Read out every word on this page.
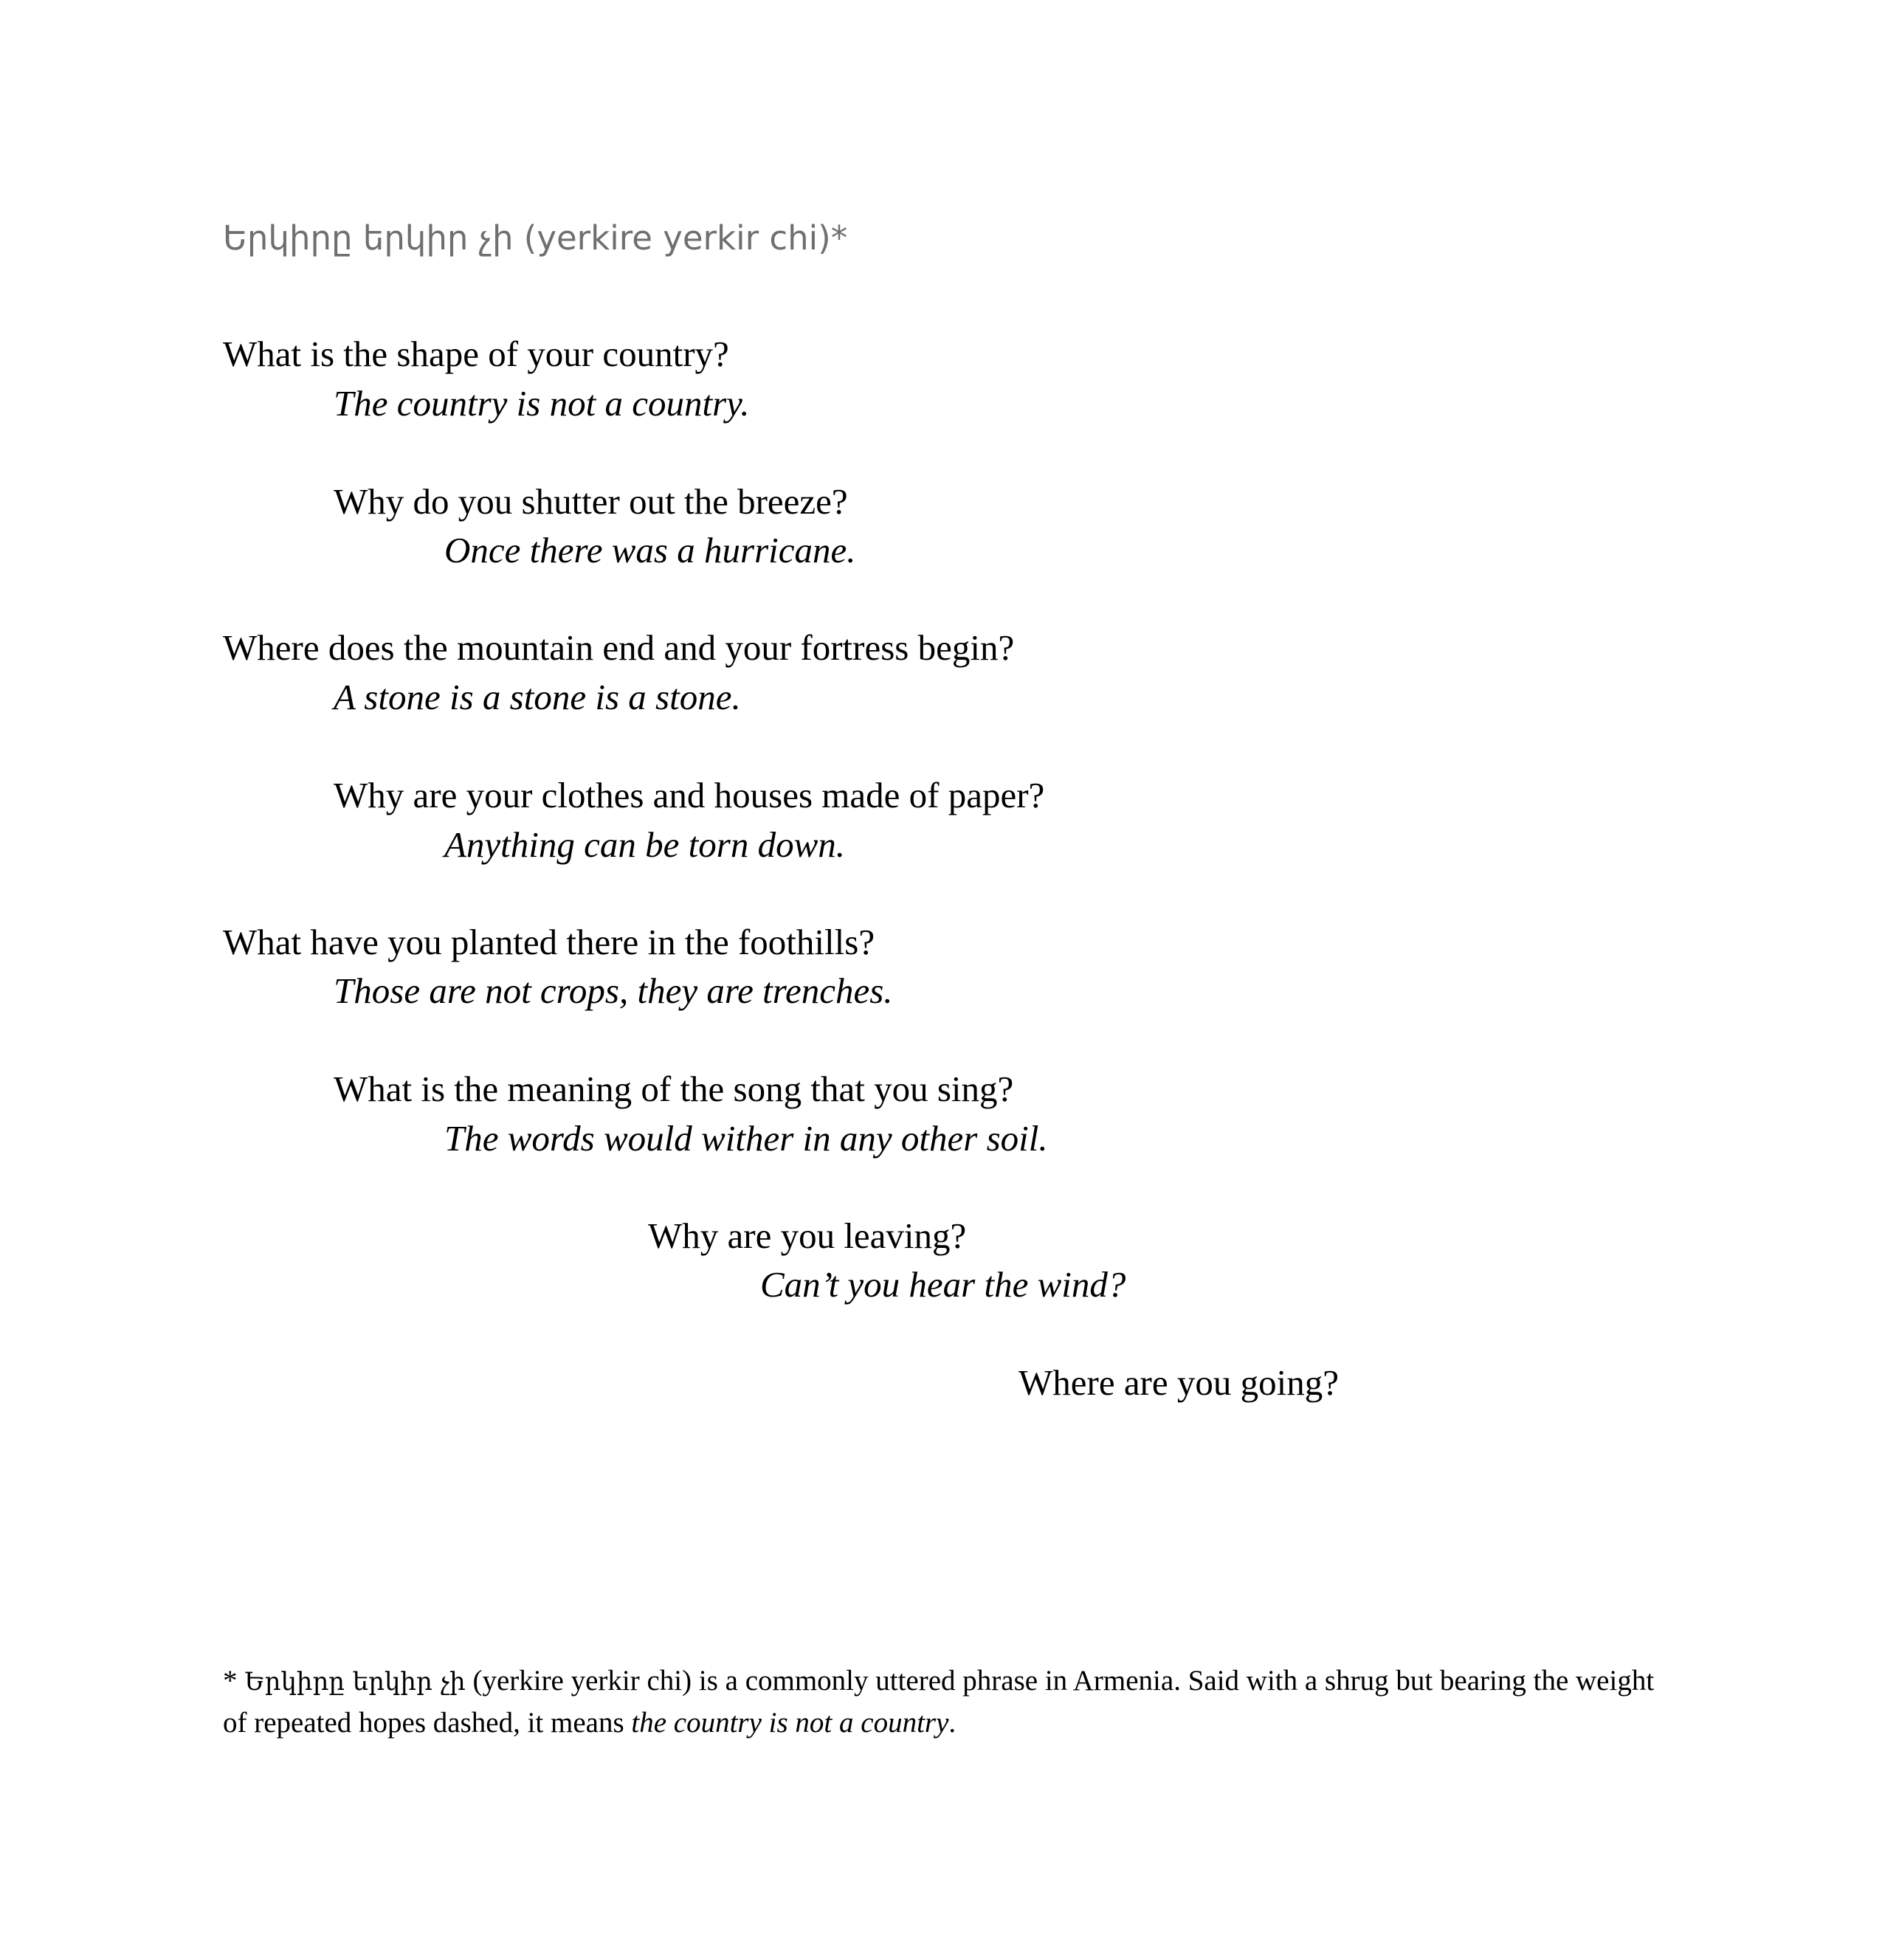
Երկիրը երկիր չի (yerkire yerkir chi)*

What is the shape of your country?

The country is not a country.

Why do you shutter out the breeze?

Once there was a hurricane.

Where does the mountain end and your fortress begin?

A stone is a stone is a stone.

Why are your clothes and houses made of paper?

Anything can be torn down.

What have you planted there in the foothills?

Those are not crops, they are trenches.

What is the meaning of the song that you sing?

The words would wither in any other soil.

Why are you leaving?

Can’t you hear the wind?

Where are you going?

* Երկիրը երկիր չի (yerkire yerkir chi) is a commonly uttered phrase in Armenia. Said with a shrug but bearing the weight of repeated hopes dashed, it means the country is not a country.
